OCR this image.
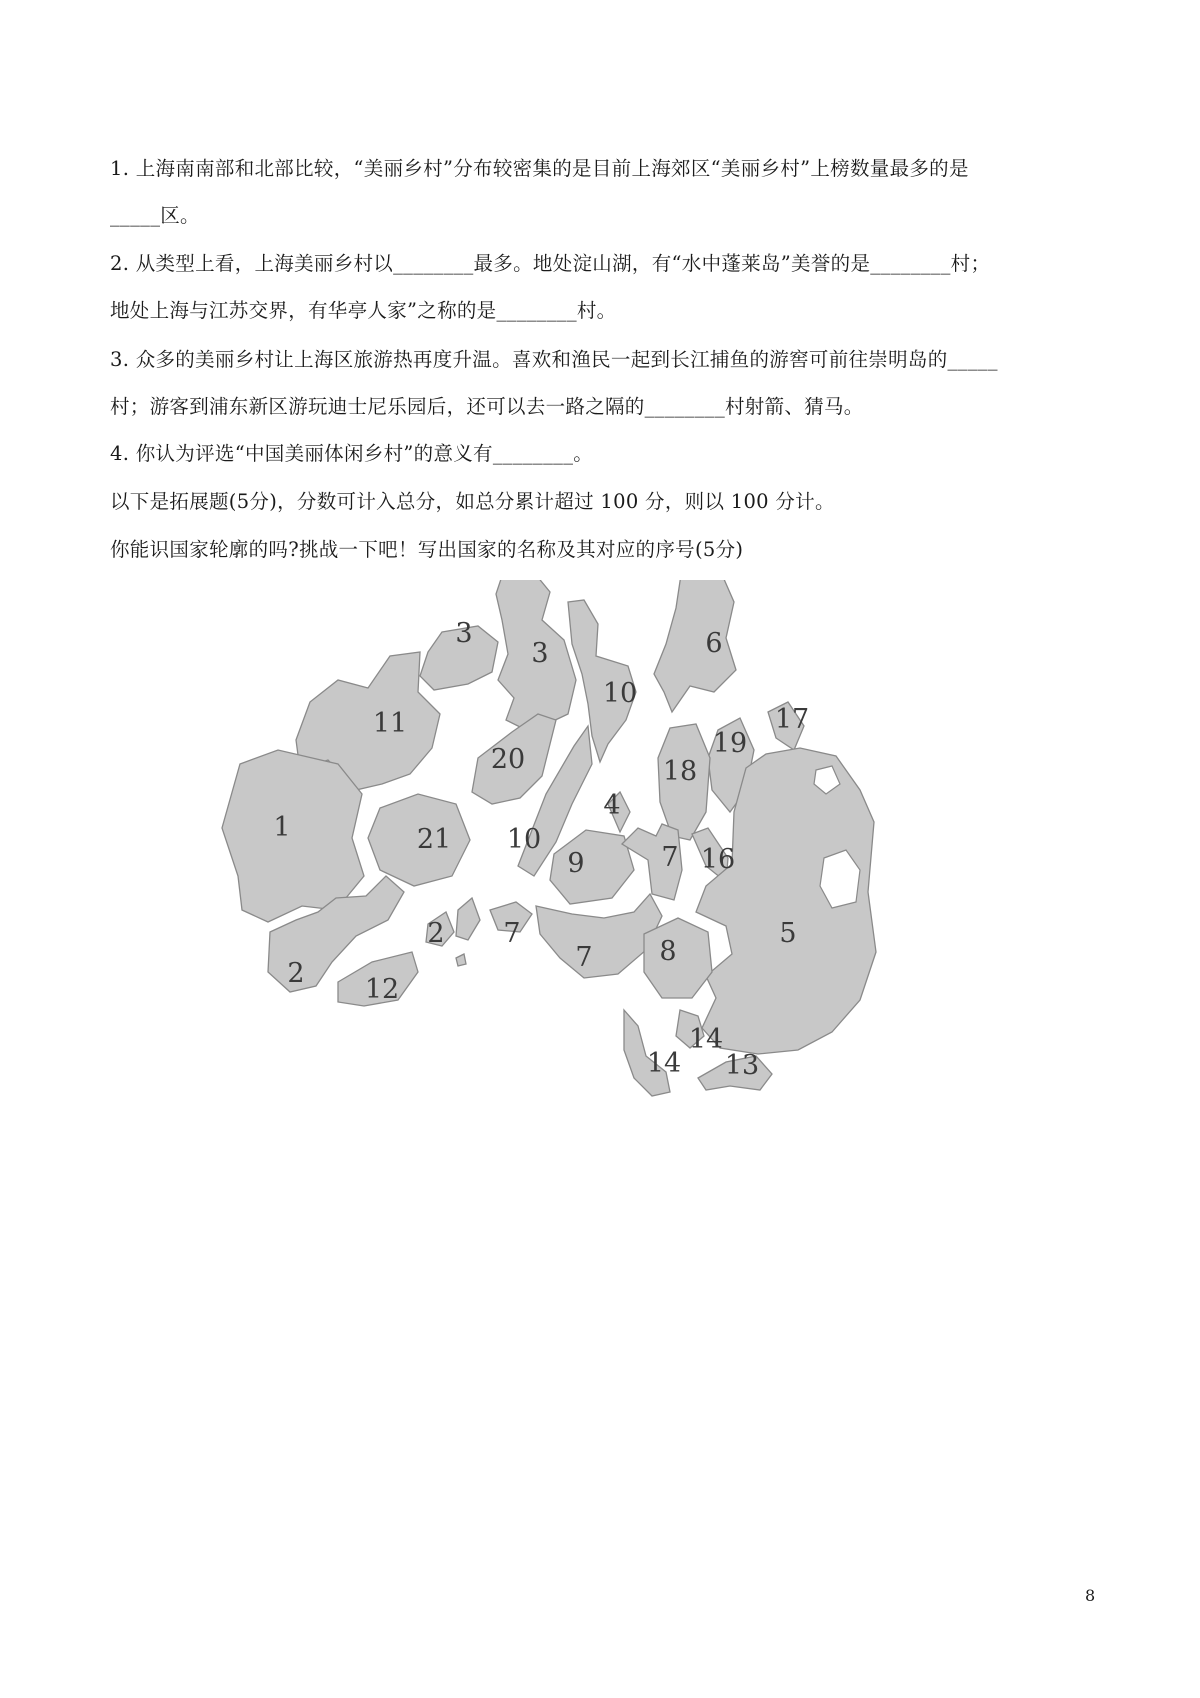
1. 上海南南部和北部比较，“美丽乡村”分布较密集的是目前上海郊区“美丽乡村”上榜数量最多的是
_____区。
2. 从类型上看，上海美丽乡村以________最多。地处淀山湖，有“水中蓬莱岛”美誉的是________村；
地处上海与江苏交界，有华亭人家”之称的是________村。
3. 众多的美丽乡村让上海区旅游热再度升温。喜欢和渔民一起到长江捕鱼的游窖可前往崇明岛的_____
村；游客到浦东新区游玩迪士尼乐园后，还可以去一路之隔的________村射箭、猜马。
4. 你认为评选“中国美丽体闲乡村”的意义有________。
以下是拓展题(5分)，分数可计入总分，如总分累计超过 100 分，则以 100 分计。
你能识国家轮廓的吗?挑战一下吧！写出国家的名称及其对应的序号(5分)
3
3	6
11
10
17
19
20	18
4
1	21 10
9	7 16
5
2
2
7
7 8
12
14
14
13
8
